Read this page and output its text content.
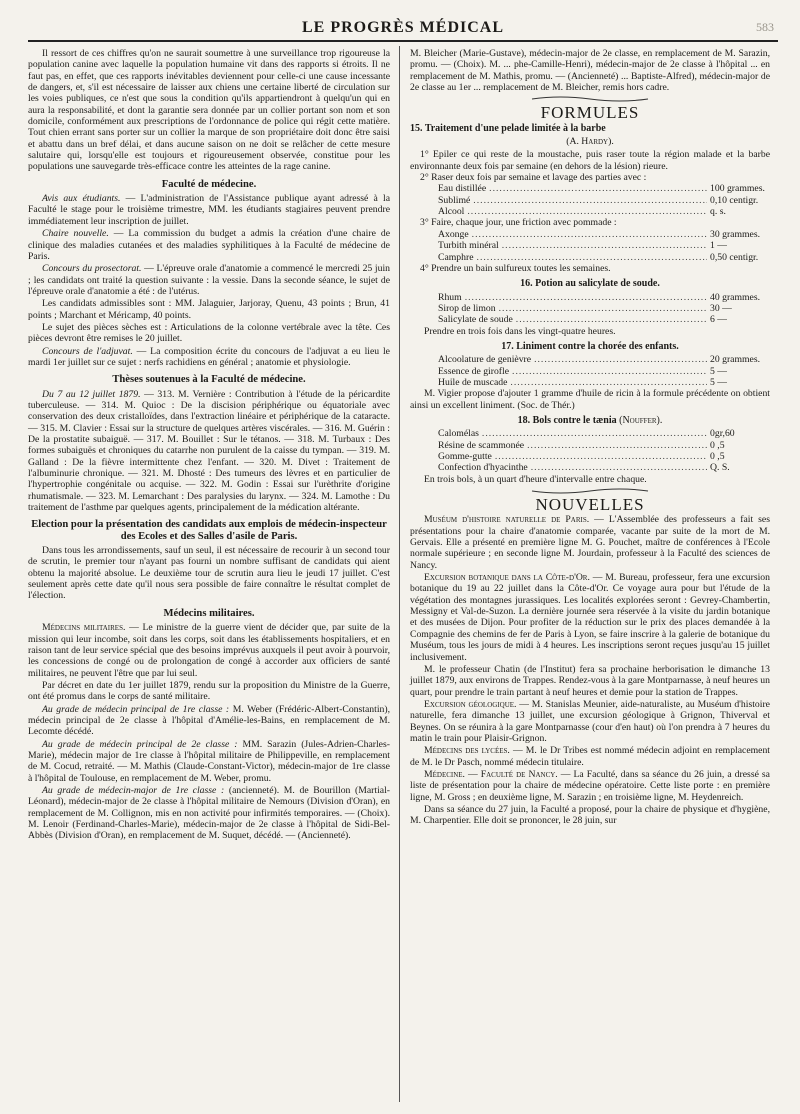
LE PROGRÈS MÉDICAL	583

Il ressort de ces chiffres qu'on ne saurait soumettre à une surveillance trop rigoureuse la population canine avec laquelle la population humaine vit dans des rapports si étroits. Il ne faut pas, en effet, que ces rapports inévitables deviennent pour celle-ci une cause incessante de dangers, et, s'il est nécessaire de laisser aux chiens une certaine liberté de circulation sur les voies publiques, ce n'est que sous la condition qu'ils appartiendront à quelqu'un qui en aura la responsabilité, et dont la garantie sera donnée par un collier portant son nom et son domicile, conformément aux prescriptions de l'ordonnance de police qui régit cette matière. Tout chien errant sans porter sur un collier la marque de son propriétaire doit donc être saisi et abattu dans un bref délai, et dans aucune saison on ne doit se relâcher de cette mesure salutaire qui, lorsqu'elle est toujours et rigoureusement observée, constitue pour les populations une sauvegarde très-efficace contre les atteintes de la rage canine.

Faculté de médecine.

Avis aux étudiants. — L'administration de l'Assistance publique ayant adressé à la Faculté le stage pour le troisième trimestre, MM. les étudiants stagiaires peuvent prendre immédiatement leur inscription de juillet.

Chaire nouvelle. — La commission du budget a admis la création d'une chaire de clinique des maladies cutanées et des maladies syphilitiques à la Faculté de médecine de Paris.

Concours du prosectorat. — L'épreuve orale d'anatomie a commencé le mercredi 25 juin ; les candidats ont traité la question suivante : la vessie. Dans la seconde séance, le sujet de l'épreuve orale d'anatomie a été : de l'utérus.

Les candidats admissibles sont : MM. Jalaguier, Jarjoray, Quenu, 43 points ; Brun, 41 points ; Marchant et Méricamp, 40 points.

Le sujet des pièces sèches est : Articulations de la colonne vertébrale avec la tête. Ces pièces devront être remises le 20 juillet.

Concours de l'adjuvat. — La composition écrite du concours de l'adjuvat a eu lieu le mardi 1er juillet sur ce sujet : nerfs rachidiens en général ; anatomie et physiologie.

Thèses soutenues à la Faculté de médecine.

Du 7 au 12 juillet 1879. — 313. M. Vernière : Contribution à l'étude de la péricardite tuberculeuse. — 314. M. Quioc : De la discision périphérique ou équatoriale avec conservation des deux cristalloïdes, dans l'extraction linéaire et périphérique de la cataracte. — 315. M. Clavier : Essai sur la structure de quelques artères viscérales. — 316. M. Guérin : De la prostatite subaiguë. — 317. M. Bouillet : Sur le tétanos. — 318. M. Turbaux : Des formes subaiguës et chroniques du catarrhe non purulent de la caisse du tympan. — 319. M. Galland : De la fièvre intermittente chez l'enfant. — 320. M. Divet : Traitement de l'albuminurie chronique. — 321. M. Dhosté : Des tumeurs des lèvres et en particulier de l'hypertrophie congénitale ou acquise. — 322. M. Godin : Essai sur l'urèthrite d'origine rhumatismale. — 323. M. Lemarchant : Des paralysies du larynx. — 324. M. Lamothe : Du traitement de l'asthme par quelques agents, principalement de la médication altérante.

Election pour la présentation des candidats aux emplois de médecin-inspecteur des Ecoles et des Salles d'asile de Paris.

Dans tous les arrondissements, sauf un seul, il est nécessaire de recourir à un second tour de scrutin, le premier tour n'ayant pas fourni un nombre suffisant de candidats qui aient obtenu la majorité absolue. Le deuxième tour de scrutin aura lieu le jeudi 17 juillet. C'est seulement après cette date qu'il nous sera possible de faire connaître le résultat complet de l'élection.

Médecins militaires.

Médecins militaires. — Le ministre de la guerre vient de décider que, par suite de la mission qui leur incombe, soit dans les corps, soit dans les établissements hospitaliers, et en raison tant de leur service spécial que des besoins imprévus auxquels il peut avoir à pourvoir, les concessions de congé ou de prolongation de congé à accorder aux officiers de santé militaires, ne peuvent l'être que par lui seul.

Par décret en date du 1er juillet 1879, rendu sur la proposition du Ministre de la Guerre, ont été promus dans le corps de santé militaire.

Au grade de médecin principal de 1re classe : M. Weber (Frédéric-Albert-Constantin), médecin principal de 2e classe à l'hôpital d'Amélie-les-Bains, en remplacement de M. Lecomte décédé.

Au grade de médecin principal de 2e classe : MM. Sarazin (Jules-Adrien-Charles-Marie), médecin major de 1re classe à l'hôpital militaire de Philippeville, en remplacement de M. Cocud, retraité. — M. Mathis (Claude-Constant-Victor), médecin-major de 1re classe à l'hôpital de Toulouse, en remplacement de M. Weber, promu.

Au grade de médecin-major de 1re classe : (ancienneté). M. de Bourillon (Martial-Léonard), médecin-major de 2e classe à l'hôpital militaire de Nemours (Division d'Oran), en remplacement de M. Collignon, mis en non activité pour infirmités temporaires. — (Choix). M. Lenoir (Ferdinand-Charles-Marie), médecin-major de 2e classe à l'hôpital de Sidi-Bel-Abbès (Division d'Oran), en remplacement de M. Suquet, décédé. — (Ancienneté).

M. Bleicher (Marie-Gustave), médecin-major de 2e classe, en remplacement de M. Sarazin, promu. — (Choix). M. ... phe-Camille-Henri), médecin-major de 2e classe à l'hôpital ... en remplacement de M. Mathis, promu. — (Ancienneté) ... Baptiste-Alfred), médecin-major de 2e classe au 1er ... remplacement de M. Bleicher, remis hors cadre.

FORMULES
15. Traitement d'une pelade limitée à la barbe
(A. Hardy).

1° Epiler ce qui reste de la moustache, puis raser toute la région malade et la barbe environnante deux fois par semaine (en dehors de la lésion) rieure.

2° Raser deux fois par semaine et lavage des parties avec :

Eau distillée .....	100 grammes.
Sublimé .....	0,10 centigr.
Alcool .....	q. s.

3° Faire, chaque jour, une friction avec pommade :

Axonge .....	30 grammes.
Turbith minéral .....	1 —
Camphre .....	0,50 centigr.

4° Prendre un bain sulfureux toutes les semaines.

16. Potion au salicylate de soude.
Rhum .....	40 grammes.
Sirop de limon .....	30 —
Salicylate de soude .....	6 —

Prendre en trois fois dans les vingt-quatre heures.

17. Liniment contre la chorée des enfants.
Alcoolature de genièvre .....	20 grammes.
Essence de girofle .....	5 —
Huile de muscade .....	5 —

M. Vigier propose d'ajouter 1 gramme d'huile de ricin à la formule précédente on obtient ainsi un excellent liniment. (Soc. de Thér.)

18. Bols contre le tænia (Nouffer).
Calomélas .....	0gr,60
Résine de scammonée .....	0 ,5
Gomme-gutte .....	0 ,5
Confection d'hyacinthe .....	Q. S.

En trois bols, à un quart d'heure d'intervalle entre chaque.

NOUVELLES

Muséum d'histoire naturelle de Paris. — L'Assemblée des professeurs a fait ses présentations pour la chaire d'anatomie comparée, vacante par suite de la mort de M. Gervais. Elle a présenté en première ligne M. G. Pouchet, maître de conférences à l'Ecole normale supérieure ; en seconde ligne M. Jourdain, professeur à la Faculté des sciences de Nancy.

Excursion botanique dans la Côte-d'Or. — M. Bureau, professeur, fera une excursion botanique du 19 au 22 juillet dans la Côte-d'Or. Ce voyage aura pour but l'étude de la végétation des montagnes jurassiques. Les localités explorées seront : Gevrey-Chambertin, Messigny et Val-de-Suzon. La dernière journée sera réservée à la visite du jardin botanique et des musées de Dijon. Pour profiter de la réduction sur le prix des places demandée à la Compagnie des chemins de fer de Paris à Lyon, se faire inscrire à la galerie de botanique du Muséum, tous les jours de midi à 4 heures. Les inscriptions seront reçues jusqu'au 15 juillet inclusivement.

M. le professeur Chatin (de l'Institut) fera sa prochaine herborisation le dimanche 13 juillet 1879, aux environs de Trappes. Rendez-vous à la gare Montparnasse, à neuf heures un quart, pour prendre le train partant à neuf heures et demie pour la station de Trappes.

Excursion géologique. — M. Stanislas Meunier, aide-naturaliste, au Muséum d'histoire naturelle, fera dimanche 13 juillet, une excursion géologique à Grignon, Thiverval et Beynes. On se réunira à la gare Montparnasse (cour d'en haut) où l'on prendra à 7 heures du matin le train pour Plaisir-Grignon.

Médecins des lycées. — M. le Dr Tribes est nommé médecin adjoint en remplacement de M. le Dr Pasch, nommé médecin titulaire.

Médecine. — Faculté de Nancy. — La Faculté, dans sa séance du 26 juin, a dressé sa liste de présentation pour la chaire de médecine opératoire. Cette liste porte : en première ligne, M. Gross ; en deuxième ligne, M. Sarazin ; en troisième ligne, M. Heydenreich.

Dans sa séance du 27 juin, la Faculté a proposé, pour la chaire de physique et d'hygiène, M. Charpentier. Elle doit se prononcer, le 28 juin, sur
